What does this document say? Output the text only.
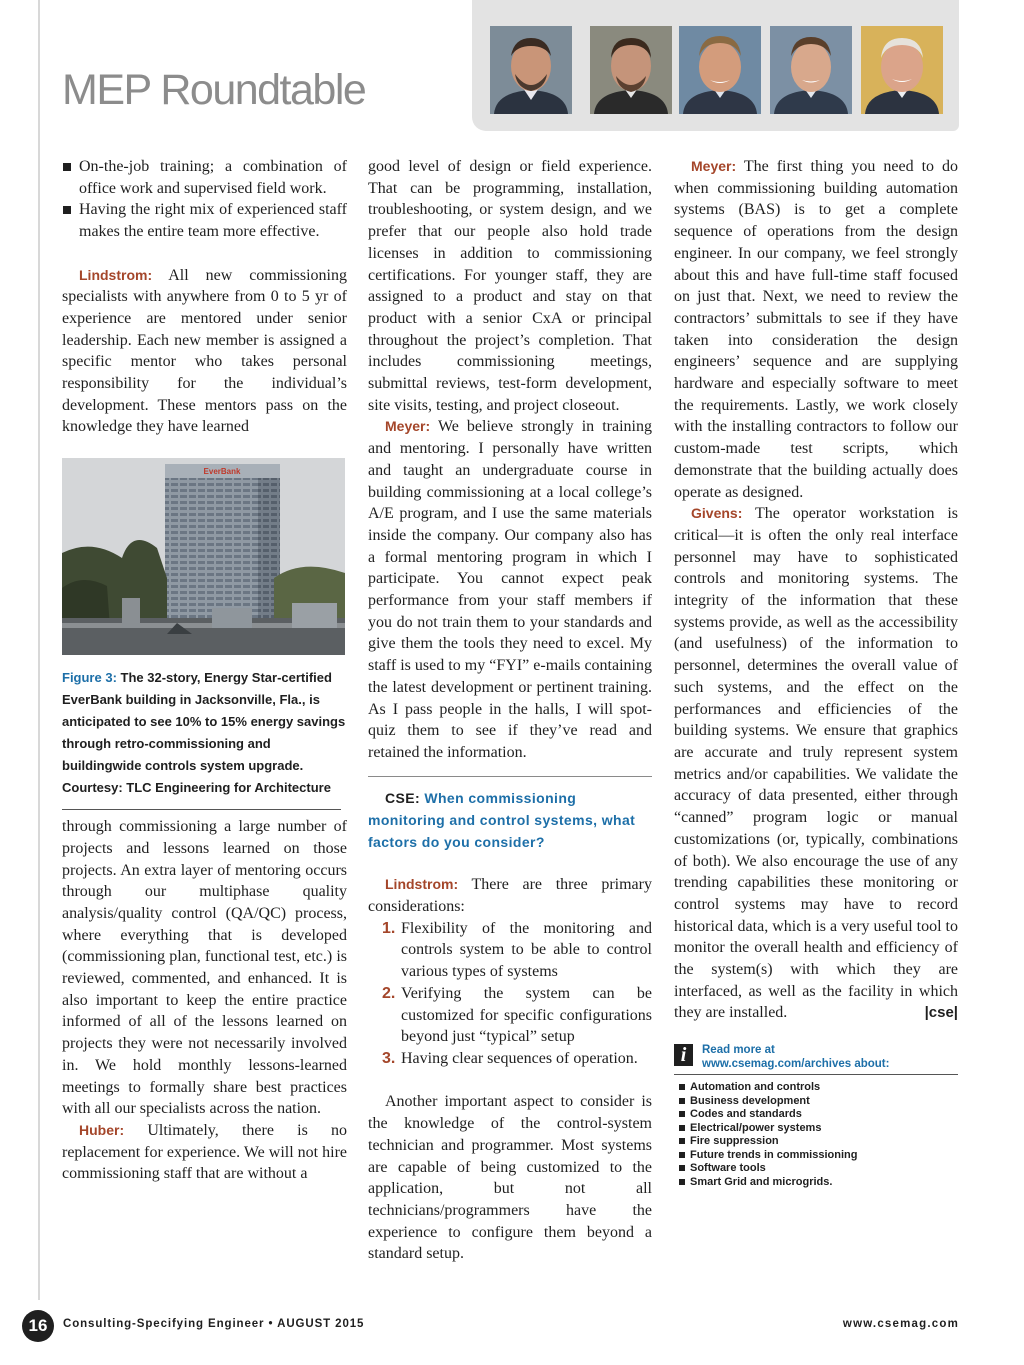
MEP Roundtable
On-the-job training; a combination of office work and supervised field work.
Having the right mix of experienced staff makes the entire team more effective.

Lindstrom: All new commissioning specialists with anywhere from 0 to 5 yr of experience are mentored under senior leadership. Each new member is assigned a specific mentor who takes personal responsibility for the individual’s development. These mentors pass on the knowledge they have learned

EverBank
Figure 3: The 32-story, Energy Star-certified EverBank building in Jacksonville, Fla., is anticipated to see 10% to 15% energy savings through retro-commissioning and buildingwide controls system upgrade. Courtesy: TLC Engineering for Architecture

through commissioning a large number of projects and lessons learned on those projects. An extra layer of mentoring occurs through our multiphase quality analysis/quality control (QA/QC) process, where everything that is developed (commissioning plan, functional test, etc.) is reviewed, commented, and enhanced. It is also important to keep the entire practice informed of all of the lessons learned on projects they were not necessarily involved in. We hold monthly lessons-learned meetings to formally share best practices with all our specialists across the nation.

Huber: Ultimately, there is no replacement for experience. We will not hire commissioning staff that are without a

good level of design or field experience. That can be programming, installation, troubleshooting, or system design, and we prefer that our people also hold trade licenses in addition to commissioning certifications. For younger staff, they are assigned to a product and stay on that product with a senior CxA or principal throughout the project’s completion. That includes commissioning meetings, submittal reviews, test-form development, site visits, testing, and project closeout.

Meyer: We believe strongly in training and mentoring. I personally have written and taught an undergraduate course in building commissioning at a local college’s A/E program, and I use the same materials inside the company. Our company also has a formal mentoring program in which I participate. You cannot expect peak performance from your staff members if you do not train them to your standards and give them the tools they need to excel. My staff is used to my “FYI” e-mails containing the latest development or pertinent training. As I pass people in the halls, I will spot-quiz them to see if they’ve read and retained the information.

CSE: When commissioning monitoring and control systems, what factors do you consider?

Lindstrom: There are three primary considerations:

1. Flexibility of the monitoring and controls system to be able to control various types of systems
2. Verifying the system can be customized for specific configurations beyond just “typical” setup
3. Having clear sequences of operation.

Another important aspect to consider is the knowledge of the control-system technician and programmer. Most systems are capable of being customized to the application, but not all technicians/programmers have the experience to configure them beyond a standard setup.

Meyer: The first thing you need to do when commissioning building automation systems (BAS) is to get a complete sequence of operations from the design engineer. In our company, we feel strongly about this and have full-time staff focused on just that. Next, we need to review the contractors’ submittals to see if they have taken into consideration the design engineers’ sequence and are supplying hardware and especially software to meet the requirements. Lastly, we work closely with the installing contractors to follow our custom-made test scripts, which demonstrate that the building actually does operate as designed.

Givens: The operator workstation is critical—it is often the only real interface personnel may have to sophisticated controls and monitoring systems. The integrity of the information that these systems provide, as well as the accessibility (and usefulness) of the information to personnel, determines the overall value of such systems, and the effect on the performances and efficiencies of the building systems. We ensure that graphics are accurate and truly represent system metrics and/or capabilities. We validate the accuracy of data presented, either through “canned” program logic or manual customizations (or, typically, combinations of both). We also encourage the use of any trending capabilities these monitoring or control systems may have to record historical data, which is a very useful tool to monitor the overall health and efficiency of the system(s) with which they are interfaced, as well as the facility in which they are installed.	|cse|

i	Read more at
www.csemag.com/archives about:
Automation and controls
Business development
Codes and standards
Electrical/power systems
Fire suppression
Future trends in commissioning
Software tools
Smart Grid and microgrids.
16	Consulting-Specifying Engineer • AUGUST 2015	www.csemag.com
